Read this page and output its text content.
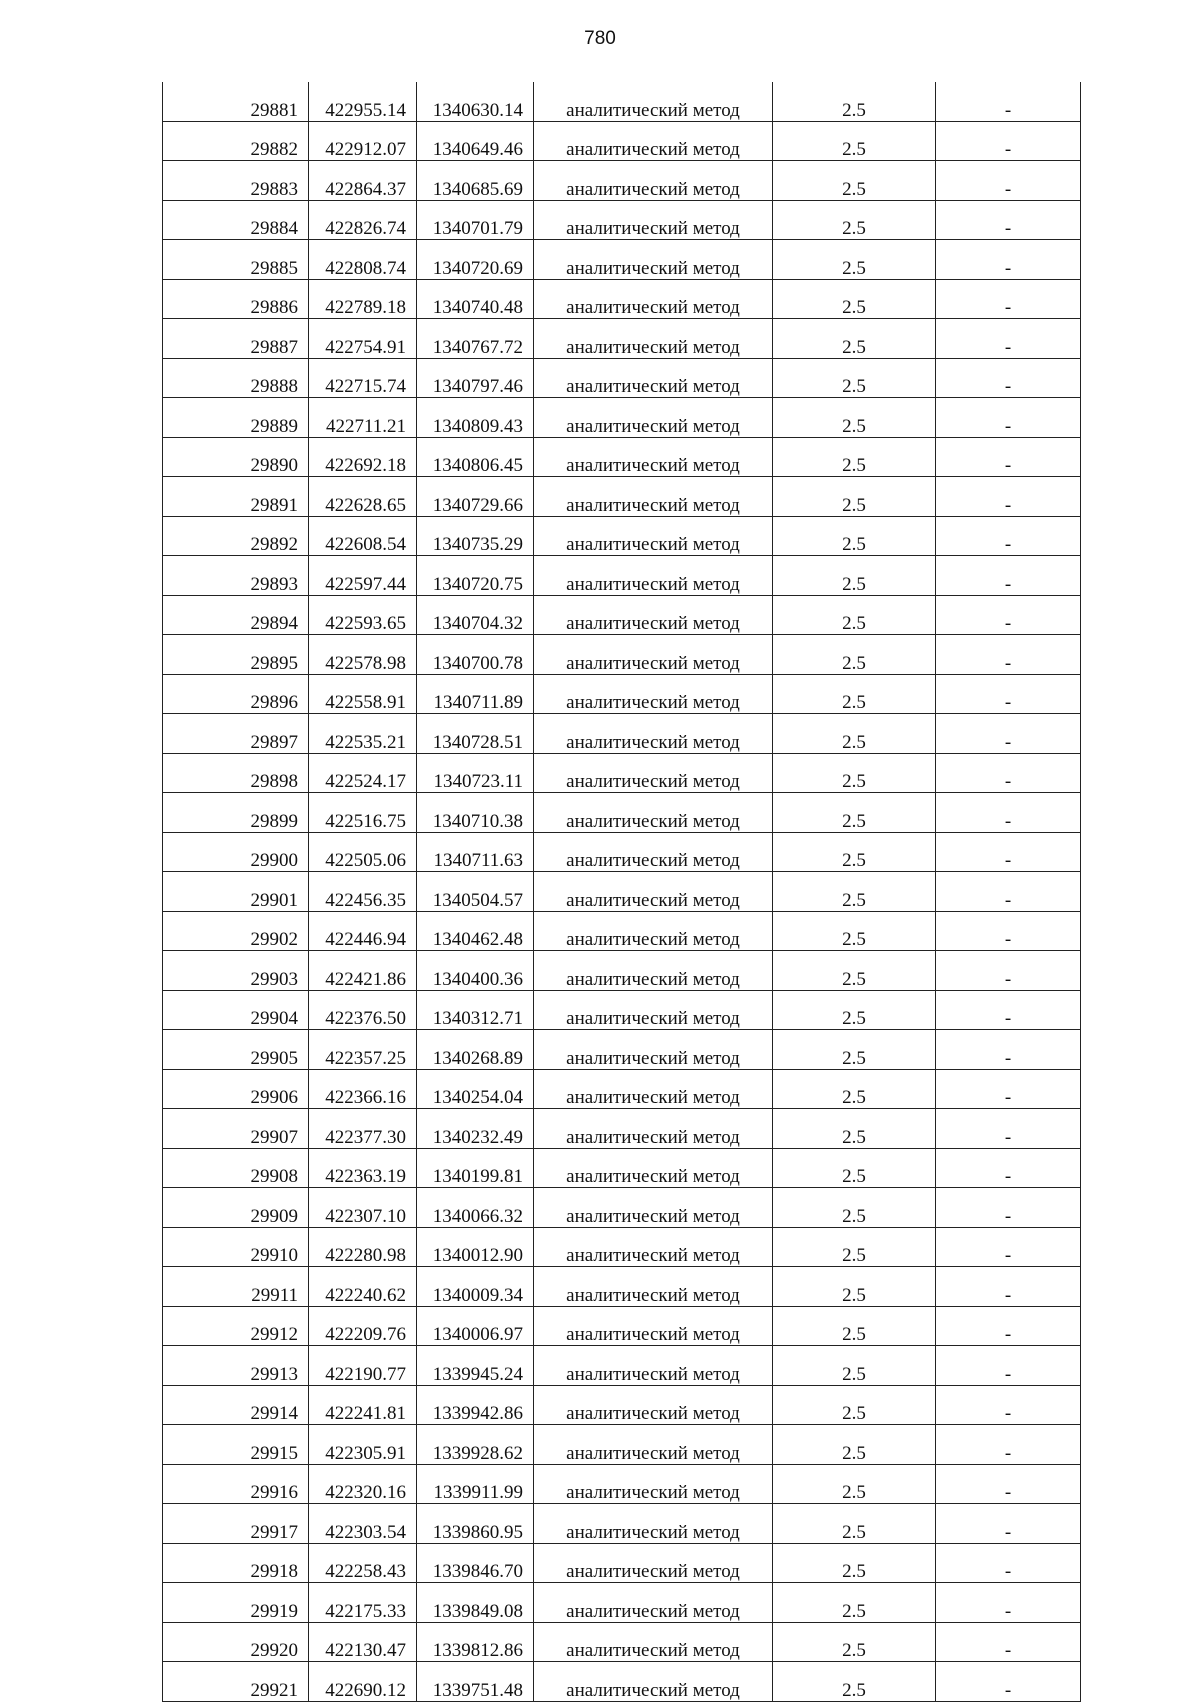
780
29881	422955.14	1340630.14	аналитический метод	2.5	-
29882	422912.07	1340649.46	аналитический метод	2.5	-
29883	422864.37	1340685.69	аналитический метод	2.5	-
29884	422826.74	1340701.79	аналитический метод	2.5	-
29885	422808.74	1340720.69	аналитический метод	2.5	-
29886	422789.18	1340740.48	аналитический метод	2.5	-
29887	422754.91	1340767.72	аналитический метод	2.5	-
29888	422715.74	1340797.46	аналитический метод	2.5	-
29889	422711.21	1340809.43	аналитический метод	2.5	-
29890	422692.18	1340806.45	аналитический метод	2.5	-
29891	422628.65	1340729.66	аналитический метод	2.5	-
29892	422608.54	1340735.29	аналитический метод	2.5	-
29893	422597.44	1340720.75	аналитический метод	2.5	-
29894	422593.65	1340704.32	аналитический метод	2.5	-
29895	422578.98	1340700.78	аналитический метод	2.5	-
29896	422558.91	1340711.89	аналитический метод	2.5	-
29897	422535.21	1340728.51	аналитический метод	2.5	-
29898	422524.17	1340723.11	аналитический метод	2.5	-
29899	422516.75	1340710.38	аналитический метод	2.5	-
29900	422505.06	1340711.63	аналитический метод	2.5	-
29901	422456.35	1340504.57	аналитический метод	2.5	-
29902	422446.94	1340462.48	аналитический метод	2.5	-
29903	422421.86	1340400.36	аналитический метод	2.5	-
29904	422376.50	1340312.71	аналитический метод	2.5	-
29905	422357.25	1340268.89	аналитический метод	2.5	-
29906	422366.16	1340254.04	аналитический метод	2.5	-
29907	422377.30	1340232.49	аналитический метод	2.5	-
29908	422363.19	1340199.81	аналитический метод	2.5	-
29909	422307.10	1340066.32	аналитический метод	2.5	-
29910	422280.98	1340012.90	аналитический метод	2.5	-
29911	422240.62	1340009.34	аналитический метод	2.5	-
29912	422209.76	1340006.97	аналитический метод	2.5	-
29913	422190.77	1339945.24	аналитический метод	2.5	-
29914	422241.81	1339942.86	аналитический метод	2.5	-
29915	422305.91	1339928.62	аналитический метод	2.5	-
29916	422320.16	1339911.99	аналитический метод	2.5	-
29917	422303.54	1339860.95	аналитический метод	2.5	-
29918	422258.43	1339846.70	аналитический метод	2.5	-
29919	422175.33	1339849.08	аналитический метод	2.5	-
29920	422130.47	1339812.86	аналитический метод	2.5	-
29921	422690.12	1339751.48	аналитический метод	2.5	-
